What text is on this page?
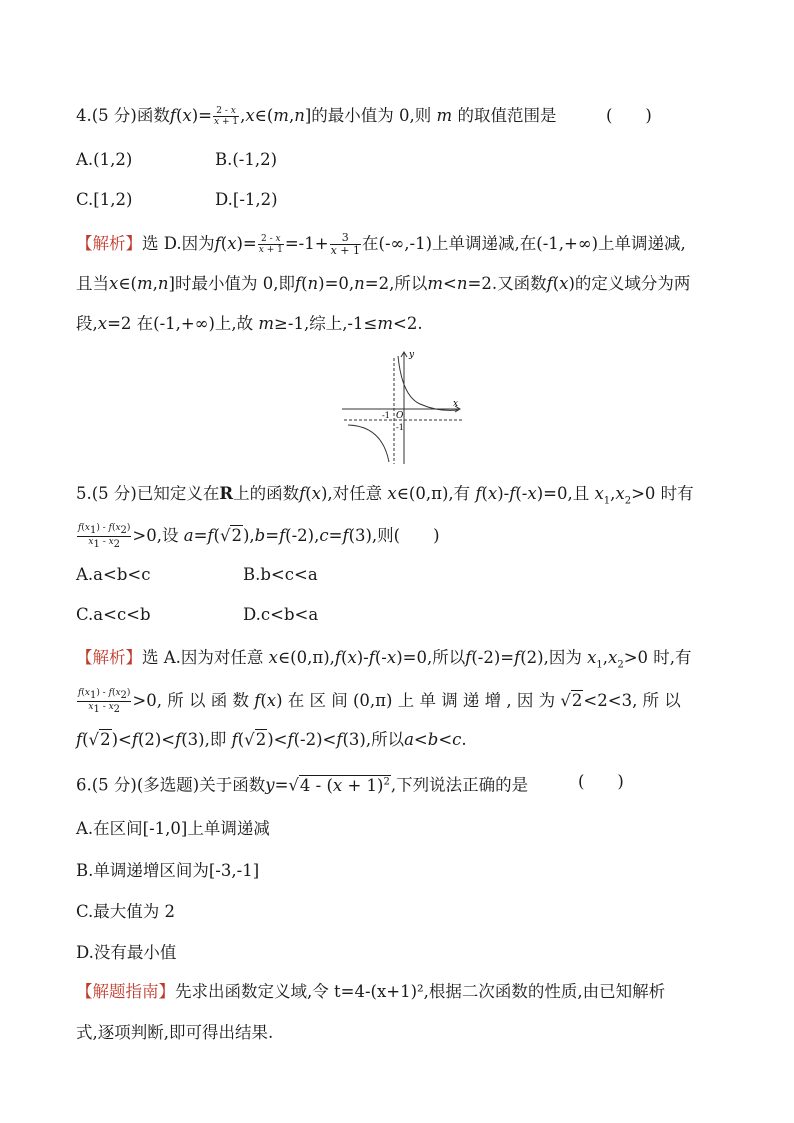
4.(5 分)函数$f(x)= \frac{2 - x}{x + 1}$ ,x∈(m,n]的最小值为 0,则 m 的取值范围是	(　　)
A.(1,2)	B.(-1,2)
C.[1,2)	D.[-1,2)
【解析】选 D.因为$f(x)= \frac{2 - x}{x + 1} =-1+ \frac{3}{x + 1}$ 在(-∞,-1)上单调递减,在(-1,+∞)上单调递减,
且当x∈(m,n]时最小值为 0,即f(n)=0,n=2,所以m<n=2.又函数f(x)的定义域分为两
段,x=2 在(-1,+∞)上,故 m≥-1,综上,-1≤m<2.
y
x
O
-1
-1
5.(5 分)已知定义在R上的函数f(x),对任意 x∈(0,π),有 f(x)-f(-x)=0,且 $x_1,x_2>0$ 时有
$\frac{f(x_1) - f(x_2)}{x_1 - x_2} >0$,设 a=f(√2),b=f(-2),c=f(3),则(　　)
A.a<b<c	B.b<c<a
C.a<c<b	D.c<b<a
【解析】选 A.因为对任意 x∈(0,π),f(x)-f(-x)=0,所以f(-2)=f(2),因为 $x_1,x_2>0$ 时,有
$\frac{f(x_1) - f(x_2)}{x_1 - x_2} >0$, 所 以 函 数 f(x) 在 区 间 (0,π) 上 单 调 递 增 , 因 为 √2<2<3, 所 以
f(√2)<f(2)<f(3),即 f(√2)<f(-2)<f(3),所以a<b<c.
6.(5 分)(多选题)关于函数$y=√4 - (x + 1)^2$,下列说法正确的是	(　　)
A.在区间[-1,0]上单调递减
B.单调递增区间为[-3,-1]
C.最大值为 2
D.没有最小值
【解题指南】先求出函数定义域,令 t=4-(x+1)²,根据二次函数的性质,由已知解析
式,逐项判断,即可得出结果.
